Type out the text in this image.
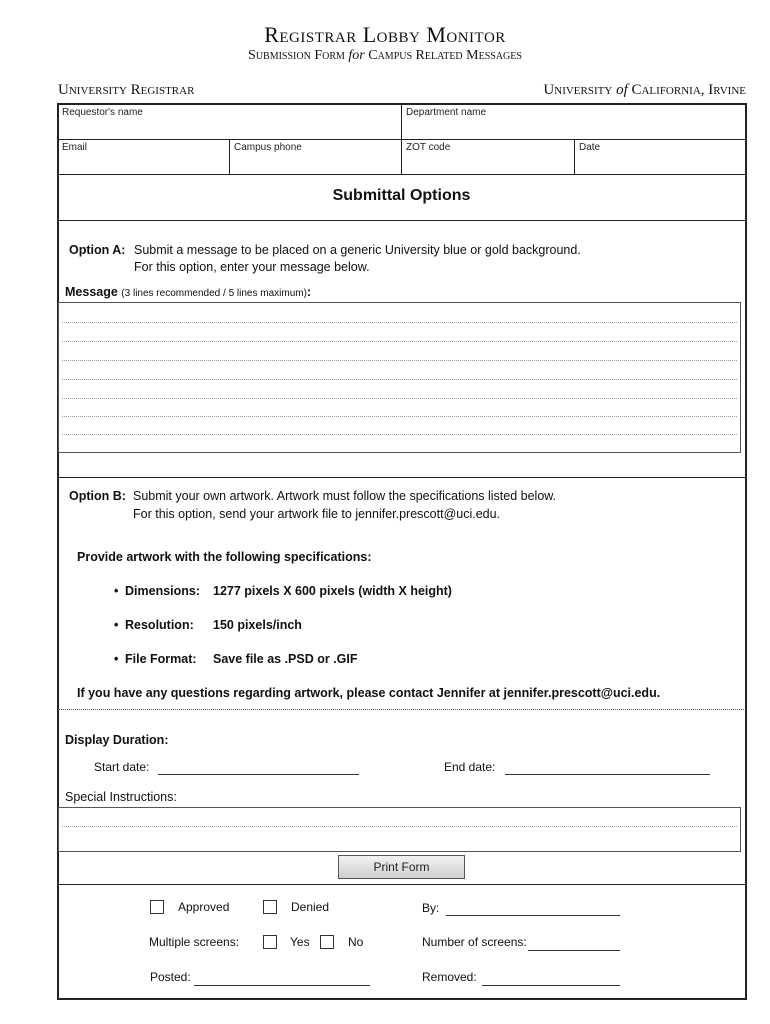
Registrar Lobby Monitor
Submission Form for Campus Related Messages
University Registrar	University of California, Irvine
Requestor's name	Department name
Email	Campus phone	ZOT code	Date
Submittal Options
Option A: Submit a message to be placed on a generic University blue or gold background.
For this option, enter your message below.
Message (3 lines recommended / 5 lines maximum):
Option B: Submit your own artwork. Artwork must follow the specifications listed below.
For this option, send your artwork file to jennifer.prescott@uci.edu.
Provide artwork with the following specifications:
• Dimensions: 1277 pixels X 600 pixels (width X height)
• Resolution: 150 pixels/inch
• File Format: Save file as .PSD or .GIF
If you have any questions regarding artwork, please contact Jennifer at jennifer.prescott@uci.edu.
Display Duration:
Start date:	End date:
Special Instructions:
Print Form
Approved	Denied	By:
Multiple screens:	Yes	No	Number of screens:
Posted:	Removed:
